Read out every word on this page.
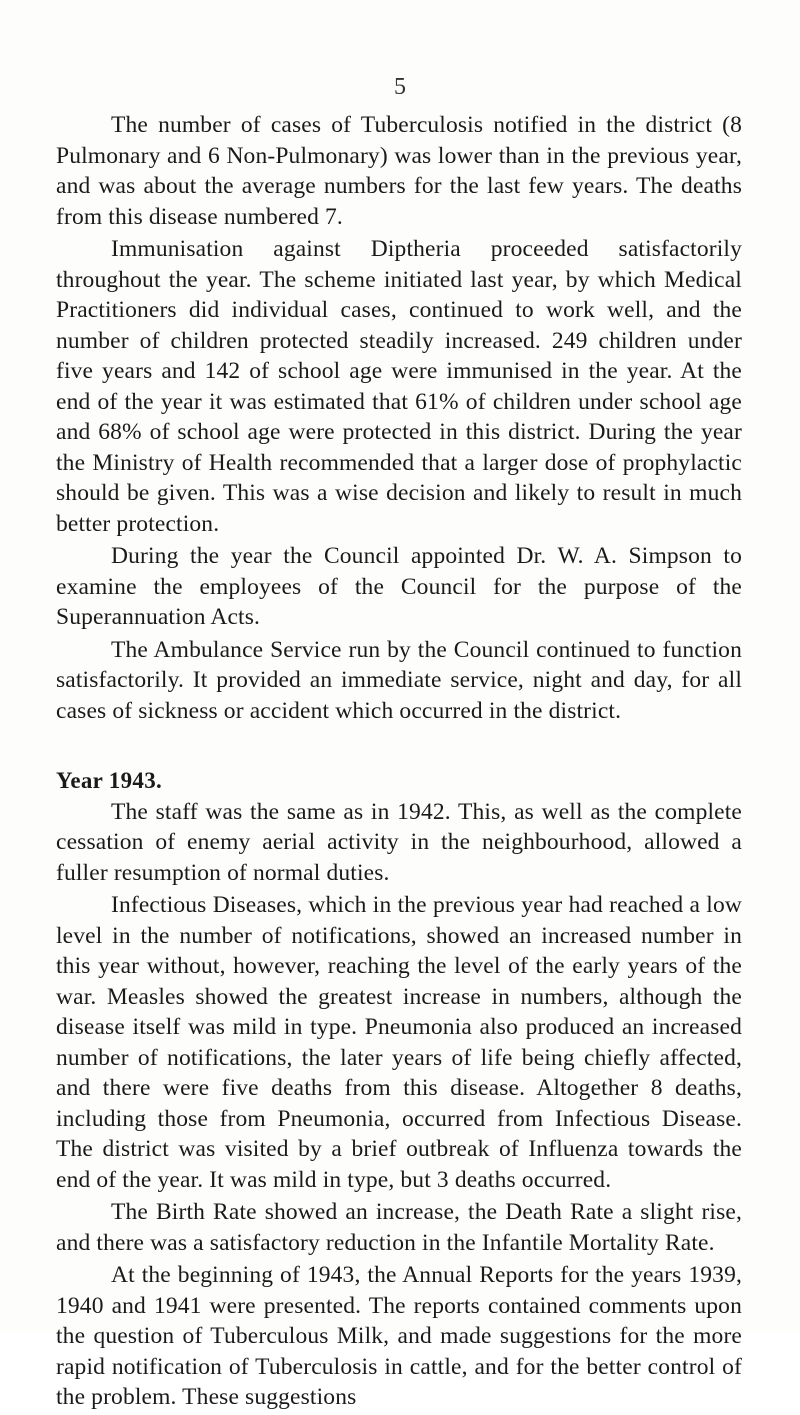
5

The number of cases of Tuberculosis notified in the district (8 Pulmonary and 6 Non-Pulmonary) was lower than in the previous year, and was about the average numbers for the last few years. The deaths from this disease numbered 7.

Immunisation against Diptheria proceeded satisfactorily throughout the year. The scheme initiated last year, by which Medical Practitioners did individual cases, continued to work well, and the number of children protected steadily increased. 249 children under five years and 142 of school age were immunised in the year. At the end of the year it was estimated that 61% of children under school age and 68% of school age were protected in this district. During the year the Ministry of Health recommended that a larger dose of prophylactic should be given. This was a wise decision and likely to result in much better protection.

During the year the Council appointed Dr. W. A. Simpson to examine the employees of the Council for the purpose of the Superannuation Acts.

The Ambulance Service run by the Council continued to function satisfactorily. It provided an immediate service, night and day, for all cases of sickness or accident which occurred in the district.

Year 1943.

The staff was the same as in 1942. This, as well as the complete cessation of enemy aerial activity in the neighbourhood, allowed a fuller resumption of normal duties.

Infectious Diseases, which in the previous year had reached a low level in the number of notifications, showed an increased number in this year without, however, reaching the level of the early years of the war. Measles showed the greatest increase in numbers, although the disease itself was mild in type. Pneumonia also produced an increased number of notifications, the later years of life being chiefly affected, and there were five deaths from this disease. Altogether 8 deaths, including those from Pneumonia, occurred from Infectious Disease. The district was visited by a brief outbreak of Influenza towards the end of the year. It was mild in type, but 3 deaths occurred.

The Birth Rate showed an increase, the Death Rate a slight rise, and there was a satisfactory reduction in the Infantile Mortality Rate.

At the beginning of 1943, the Annual Reports for the years 1939, 1940 and 1941 were presented. The reports contained comments upon the question of Tuberculous Milk, and made suggestions for the more rapid notification of Tuberculosis in cattle, and for the better control of the problem. These suggestions
